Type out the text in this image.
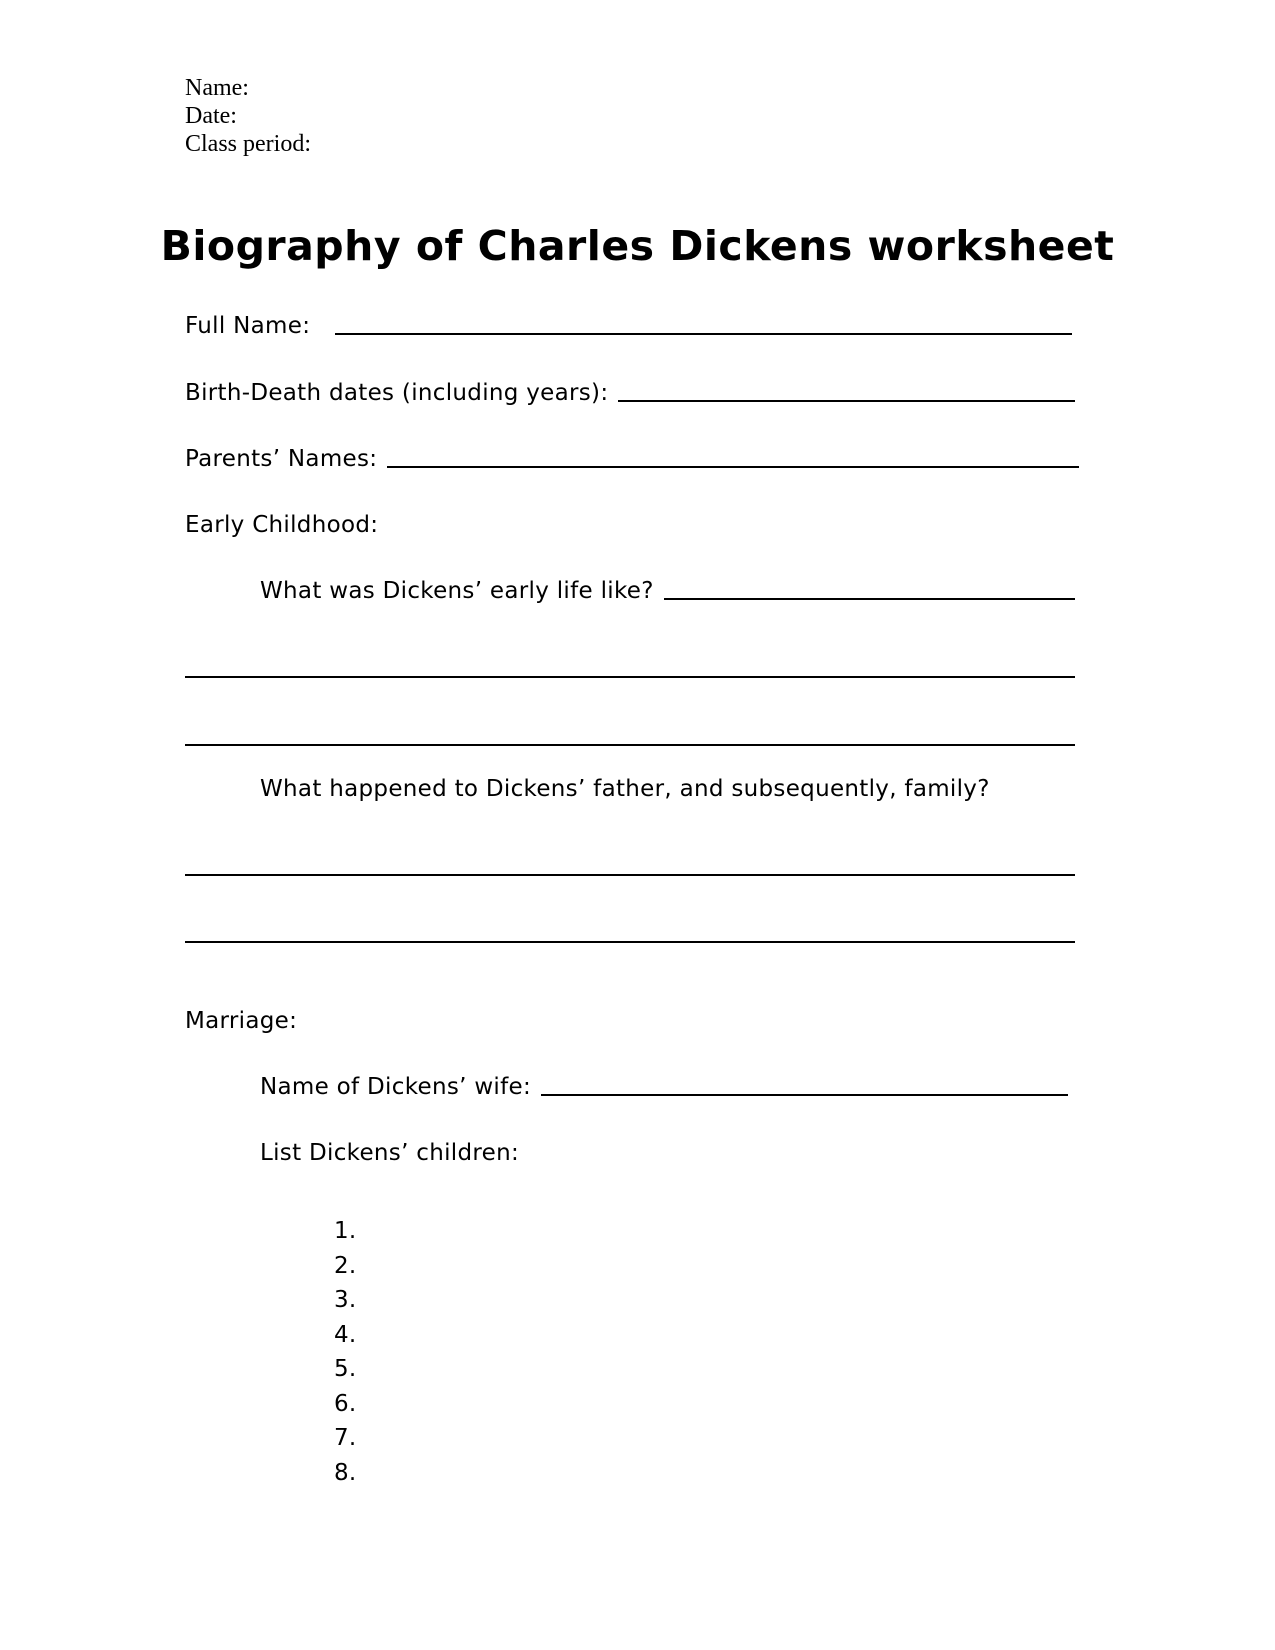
Name:
Date:
Class period:
Biography of Charles Dickens worksheet
Full Name:
Birth-Death dates (including years):
Parents’ Names:
Early Childhood:
What was Dickens’ early life like?
What happened to Dickens’ father, and subsequently, family?
Marriage:
Name of Dickens’ wife:
List Dickens’ children:
1.
2.
3.
4.
5.
6.
7.
8.
